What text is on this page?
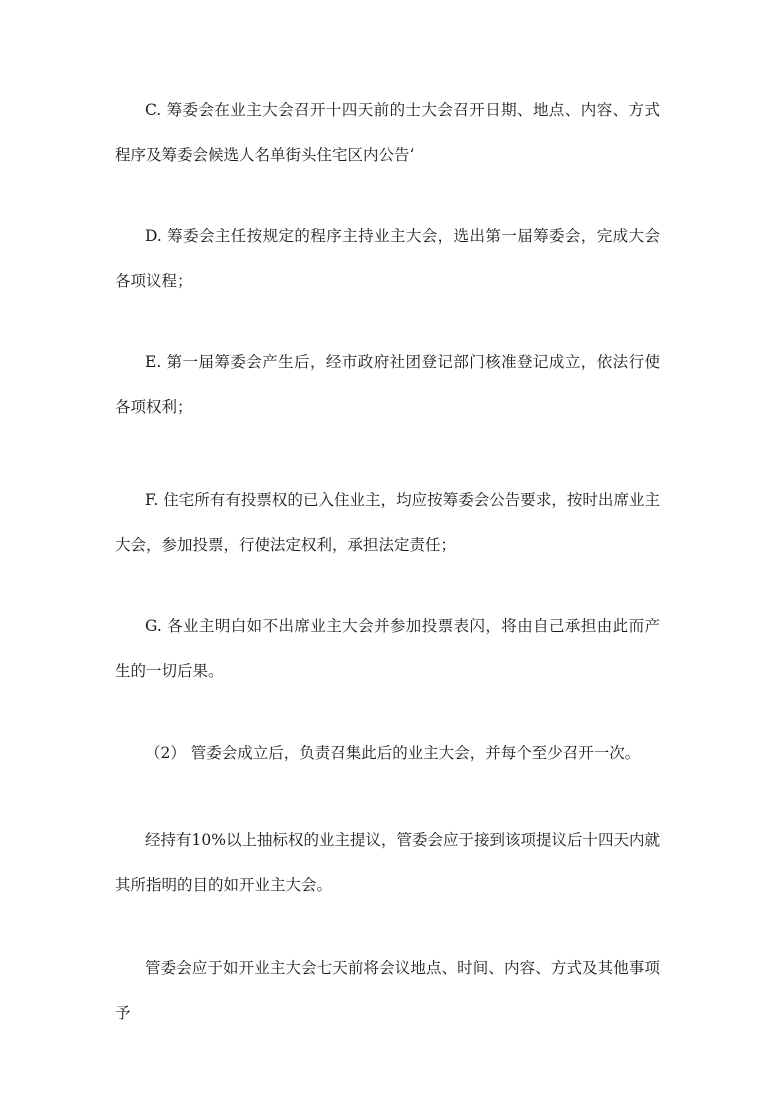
C. 筹委会在业主大会召开十四天前的士大会召开日期、地点、内容、方式程序及筹委会候选人名单街头住宅区内公告‘

D. 筹委会主任按规定的程序主持业主大会，选出第一届筹委会，完成大会各项议程；

E. 第一届筹委会产生后，经市政府社团登记部门核准登记成立，依法行使各项权利；

F. 住宅所有有投票权的已入住业主，均应按筹委会公告要求，按时出席业主大会，参加投票，行使法定权利，承担法定责任；

G. 各业主明白如不出席业主大会并参加投票表闪，将由自己承担由此而产生的一切后果。

（2） 管委会成立后，负责召集此后的业主大会，并每个至少召开一次。

经持有10%以上抽标权的业主提议，管委会应于接到该项提议后十四天内就其所指明的目的如开业主大会。

管委会应于如开业主大会七天前将会议地点、时间、内容、方式及其他事项予
